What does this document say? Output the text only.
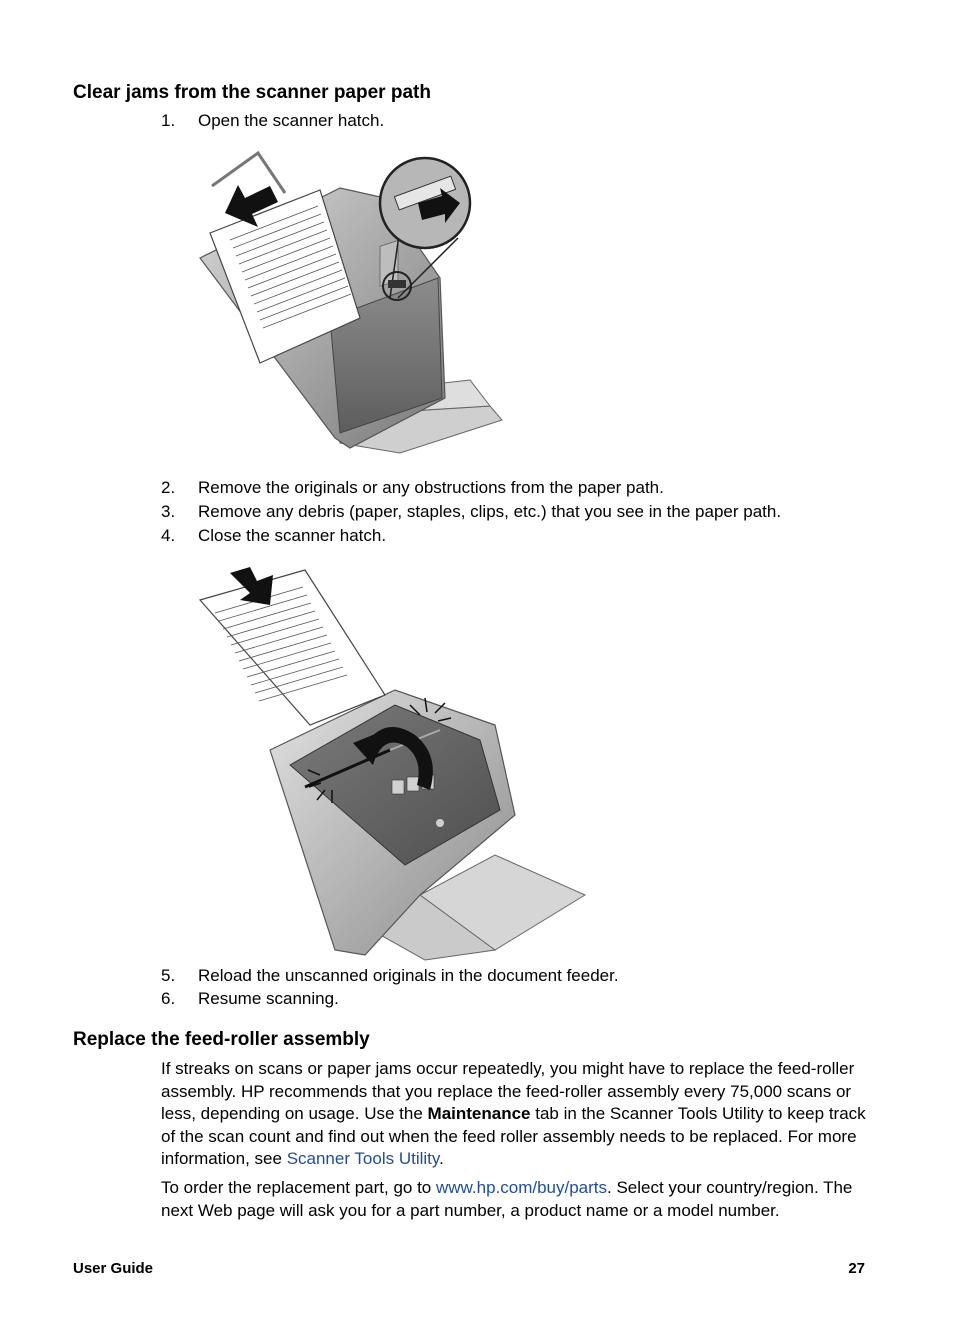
Clear jams from the scanner paper path
1. Open the scanner hatch.
2. Remove the originals or any obstructions from the paper path.
3. Remove any debris (paper, staples, clips, etc.) that you see in the paper path.
4. Close the scanner hatch.
5. Reload the unscanned originals in the document feeder.
6. Resume scanning.
Replace the feed-roller assembly

If streaks on scans or paper jams occur repeatedly, you might have to replace the feed-roller assembly. HP recommends that you replace the feed-roller assembly every 75,000 scans or less, depending on usage. Use the Maintenance tab in the Scanner Tools Utility to keep track of the scan count and find out when the feed roller assembly needs to be replaced. For more information, see Scanner Tools Utility.

To order the replacement part, go to www.hp.com/buy/parts. Select your country/region. The next Web page will ask you for a part number, a product name or a model number.

User Guide	27
